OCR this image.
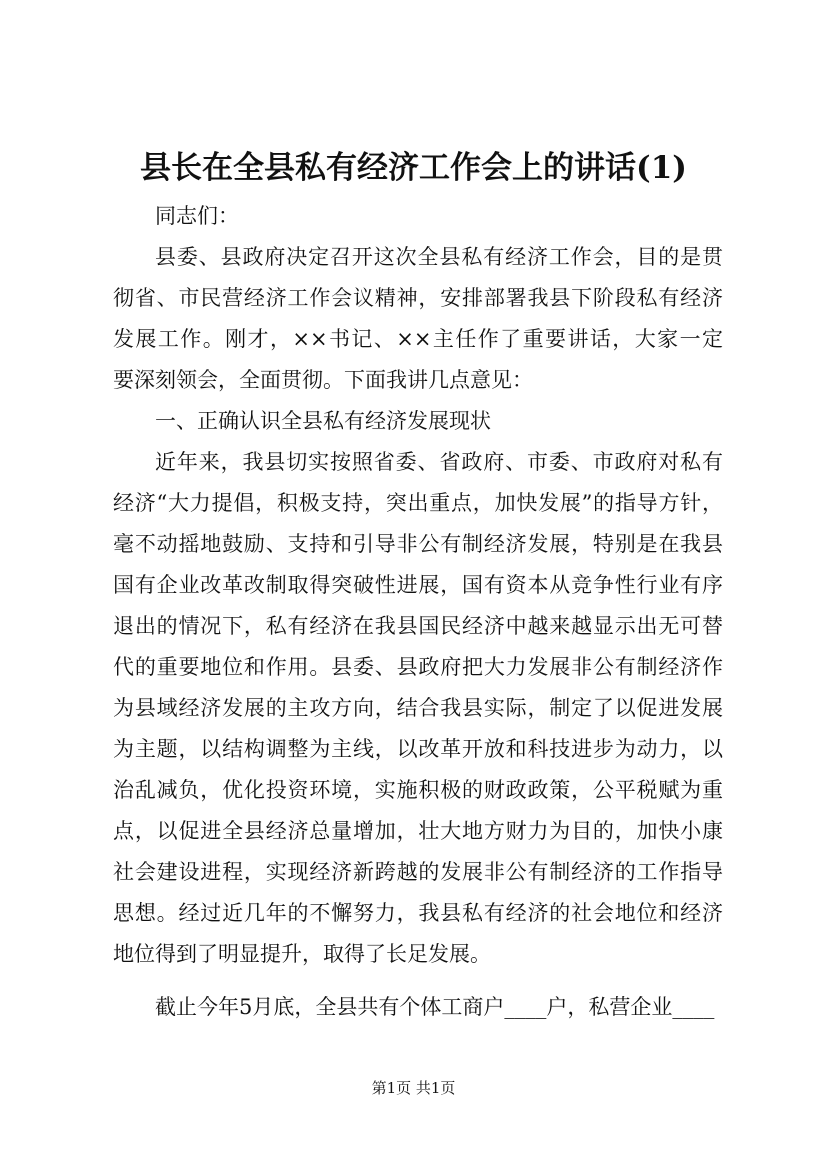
县长在全县私有经济工作会上的讲话(1)
同志们：
县委、县政府决定召开这次全县私有经济工作会，目的是贯
彻省、市民营经济工作会议精神，安排部署我县下阶段私有经济
发展工作。刚才，××书记、××主任作了重要讲话，大家一定
要深刻领会，全面贯彻。下面我讲几点意见：
一、正确认识全县私有经济发展现状
近年来，我县切实按照省委、省政府、市委、市政府对私有
经济“大力提倡，积极支持，突出重点，加快发展”的指导方针，
毫不动摇地鼓励、支持和引导非公有制经济发展，特别是在我县
国有企业改革改制取得突破性进展，国有资本从竞争性行业有序
退出的情况下，私有经济在我县国民经济中越来越显示出无可替
代的重要地位和作用。县委、县政府把大力发展非公有制经济作
为县域经济发展的主攻方向，结合我县实际，制定了以促进发展
为主题，以结构调整为主线，以改革开放和科技进步为动力，以
治乱减负，优化投资环境，实施积极的财政政策，公平税赋为重
点，以促进全县经济总量增加，壮大地方财力为目的，加快小康
社会建设进程，实现经济新跨越的发展非公有制经济的工作指导
思想。经过近几年的不懈努力，我县私有经济的社会地位和经济
地位得到了明显提升，取得了长足发展。
截止今年5月底，全县共有个体工商户____户，私营企业____
第1页 共1页
